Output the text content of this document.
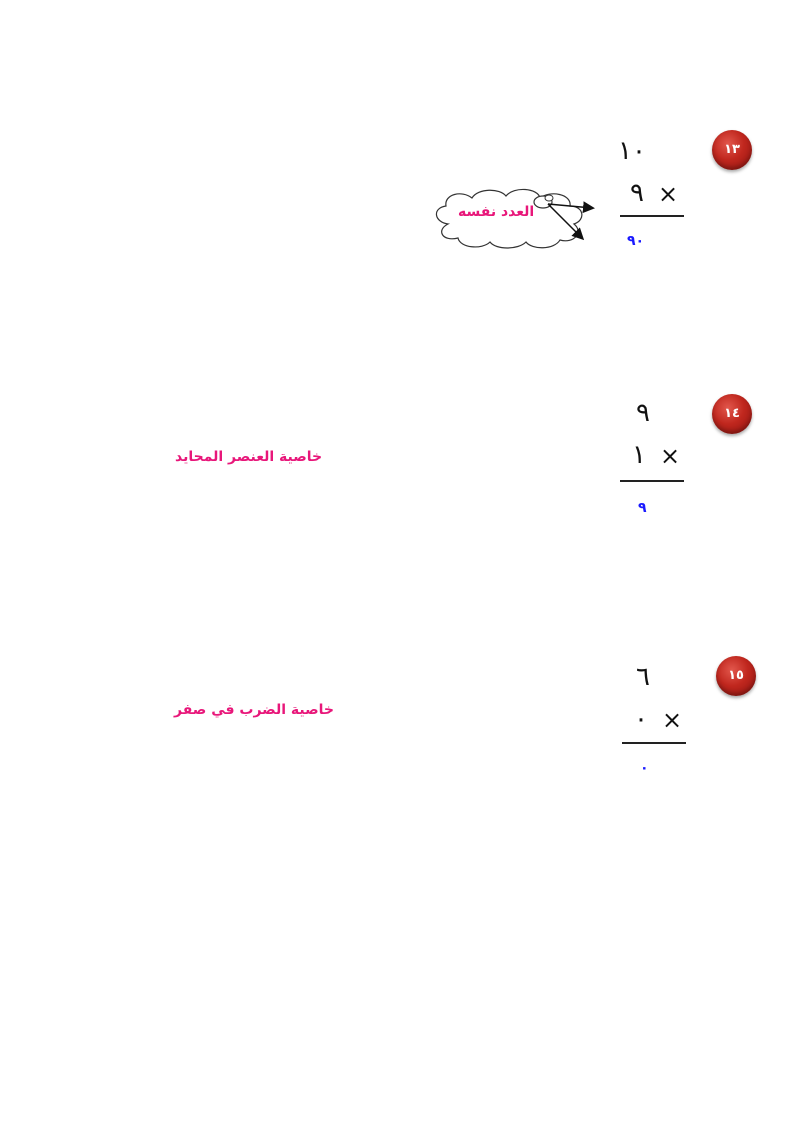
١٣
١٠
٩ ×
٩٠
العدد نفسه
١٤
٩
١ ×
٩
خاصية العنصر المحايد
١٥
٦
٠ ×
٠
خاصية الضرب في صفر
